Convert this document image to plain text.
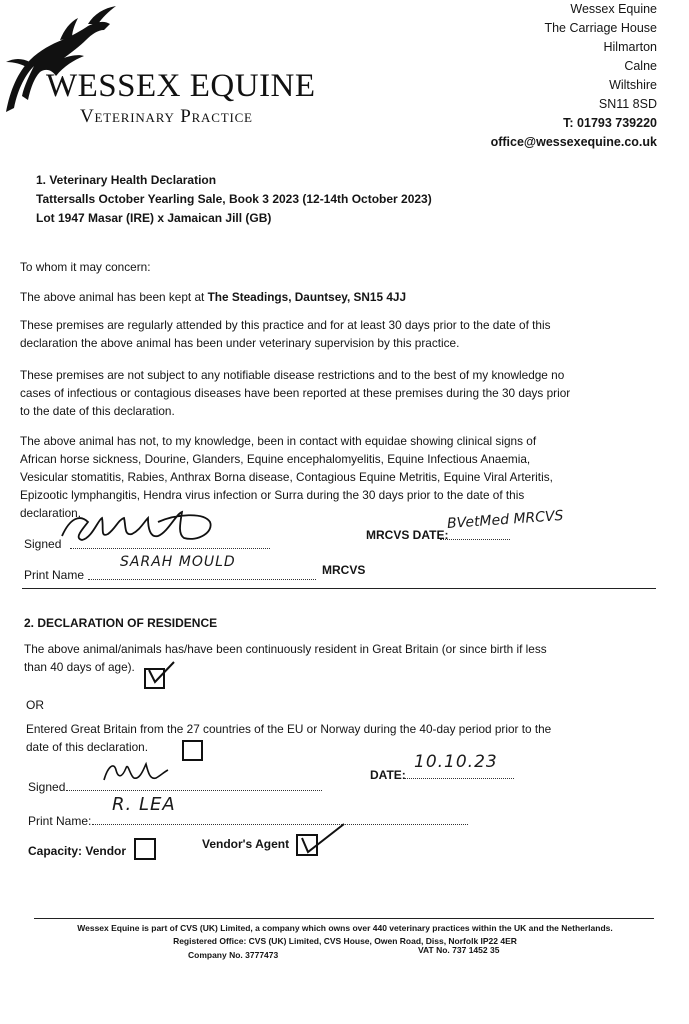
WESSEX EQUINE
Veterinary Practice
Wessex Equine
The Carriage House
Hilmarton
Calne
Wiltshire
SN11 8SD
T: 01793 739220
office@wessexequine.co.uk
1. Veterinary Health Declaration
Tattersalls October Yearling Sale, Book 3 2023 (12-14th October 2023)
Lot 1947 Masar (IRE) x Jamaican Jill (GB)
To whom it may concern:
The above animal has been kept at The Steadings, Dauntsey, SN15 4JJ
These premises are regularly attended by this practice and for at least 30 days prior to the date of this declaration the above animal has been under veterinary supervision by this practice.
These premises are not subject to any notifiable disease restrictions and to the best of my knowledge no cases of infectious or contagious diseases have been reported at these premises during the 30 days prior to the date of this declaration.
The above animal has not, to my knowledge, been in contact with equidae showing clinical signs of African horse sickness, Dourine, Glanders, Equine encephalomyelitis, Equine Infectious Anaemia, Vesicular stomatitis, Rabies, Anthrax Borna disease, Contagious Equine Metritis, Equine Viral Arteritis, Epizootic lymphangitis, Hendra virus infection or Surra during the 30 days prior to the date of this declaration.
Signed
MRCVS DATE:
BVetMed MRCVS
Print Name
SARAH MOULD	MRCVS
2. DECLARATION OF RESIDENCE
The above animal/animals has/have been continuously resident in Great Britain (or since birth if less than 40 days of age).
OR
Entered Great Britain from the 27 countries of the EU or Norway during the 40-day period prior to the date of this declaration.
Signed
DATE:
10.10.23
Print Name:
R. LEA
Capacity: Vendor	Vendor's Agent
Wessex Equine is part of CVS (UK) Limited, a company which owns over 440 veterinary practices within the UK and the Netherlands.
Registered Office: CVS (UK) Limited, CVS House, Owen Road, Diss, Norfolk IP22 4ER
Company No. 3777473	VAT No. 737 1452 35
